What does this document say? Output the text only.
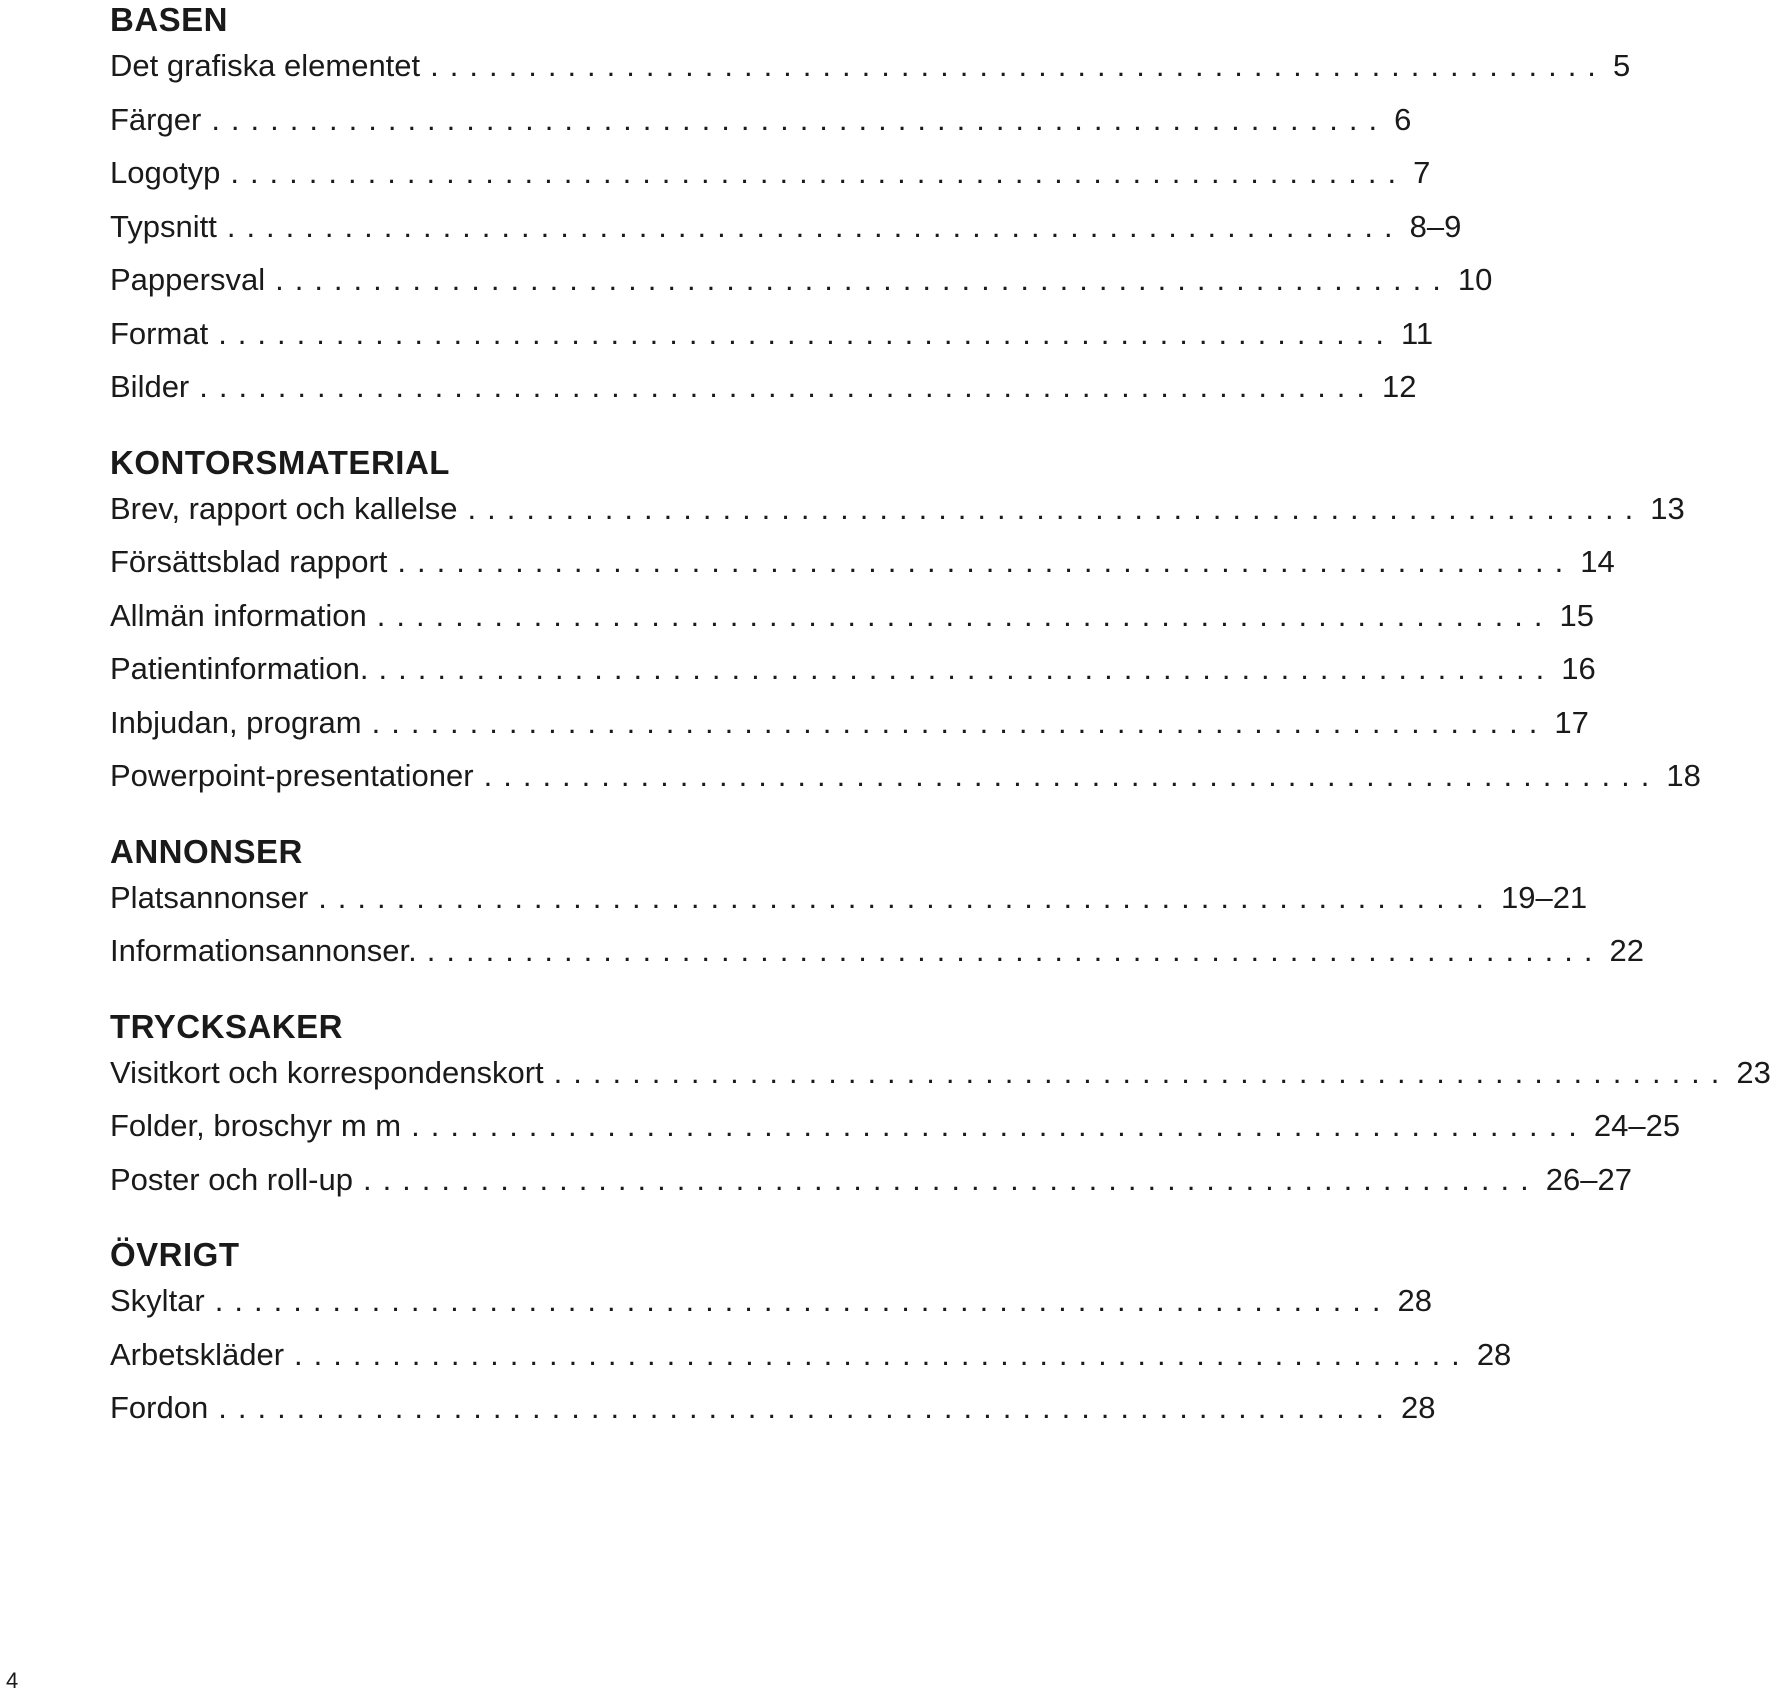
BASEN
Det grafiska elementet ............................................................ 5
Färger ............................................................ 6
Logotyp ............................................................ 7
Typsnitt ............................................................ 8–9
Pappersval ............................................................ 10
Format ............................................................ 11
Bilder ............................................................ 12
KONTORSMATERIAL
Brev, rapport och kallelse ............................................................ 13
Försättsblad rapport ............................................................ 14
Allmän information ............................................................ 15
Patientinformation. ............................................................ 16
Inbjudan, program ............................................................ 17
Powerpoint-presentationer ............................................................ 18
ANNONSER
Platsannonser ............................................................ 19–21
Informationsannonser. ............................................................ 22
TRYCKSAKER
Visitkort och korrespondenskort ............................................................ 23
Folder, broschyr m m ............................................................ 24–25
Poster och roll-up ............................................................ 26–27
ÖVRIGT
Skyltar ............................................................ 28
Arbetskläder ............................................................ 28
Fordon ............................................................ 28
4
